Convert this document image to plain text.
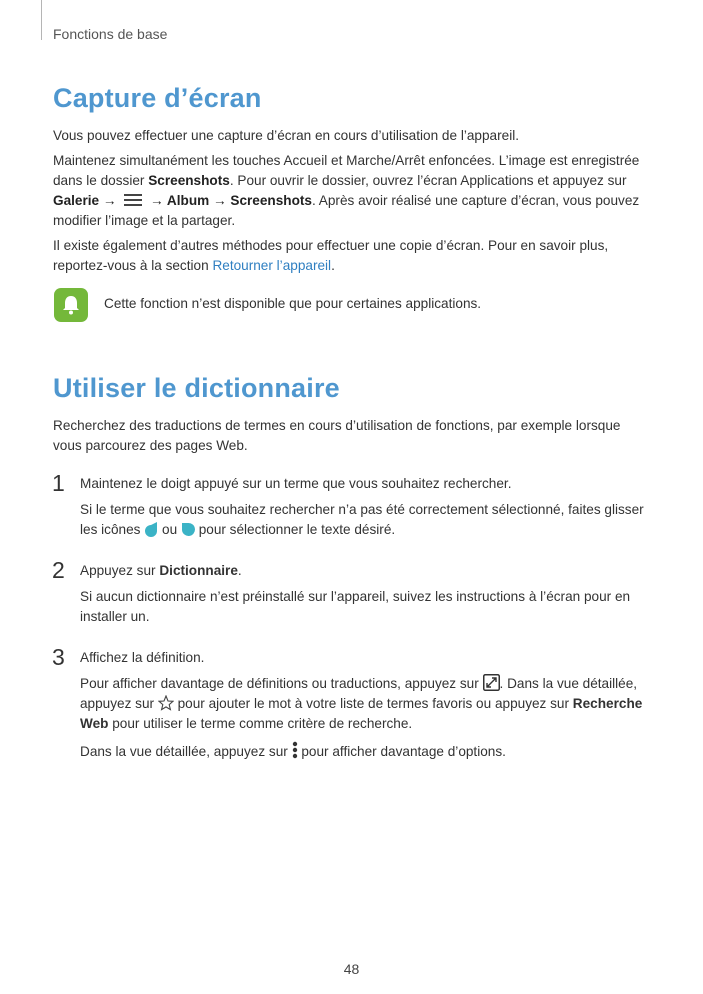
Fonctions de base
Capture d’écran
Vous pouvez effectuer une capture d’écran en cours d’utilisation de l’appareil.
Maintenez simultanément les touches Accueil et Marche/Arrêt enfoncées. L’image est enregistrée dans le dossier Screenshots. Pour ouvrir le dossier, ouvrez l’écran Applications et appuyez sur Galerie →
→ Album → Screenshots. Après avoir réalisé une capture d’écran, vous pouvez modifier l’image et la partager.
Il existe également d’autres méthodes pour effectuer une copie d’écran. Pour en savoir plus, reportez-vous à la section Retourner l’appareil.
Cette fonction n’est disponible que pour certaines applications.
Utiliser le dictionnaire
Recherchez des traductions de termes en cours d’utilisation de fonctions, par exemple lorsque vous parcourez des pages Web.
1 Maintenez le doigt appuyé sur un terme que vous souhaitez rechercher.
Si le terme que vous souhaitez rechercher n’a pas été correctement sélectionné, faites glisser les icônes  ou  pour sélectionner le texte désiré.
2 Appuyez sur Dictionnaire.
Si aucun dictionnaire n’est préinstallé sur l’appareil, suivez les instructions à l’écran pour en installer un.
3 Affichez la définition.
Pour afficher davantage de définitions ou traductions, appuyez sur . Dans la vue détaillée, appuyez sur  pour ajouter le mot à votre liste de termes favoris ou appuyez sur Recherche Web pour utiliser le terme comme critère de recherche.
Dans la vue détaillée, appuyez sur  pour afficher davantage d’options.
48
